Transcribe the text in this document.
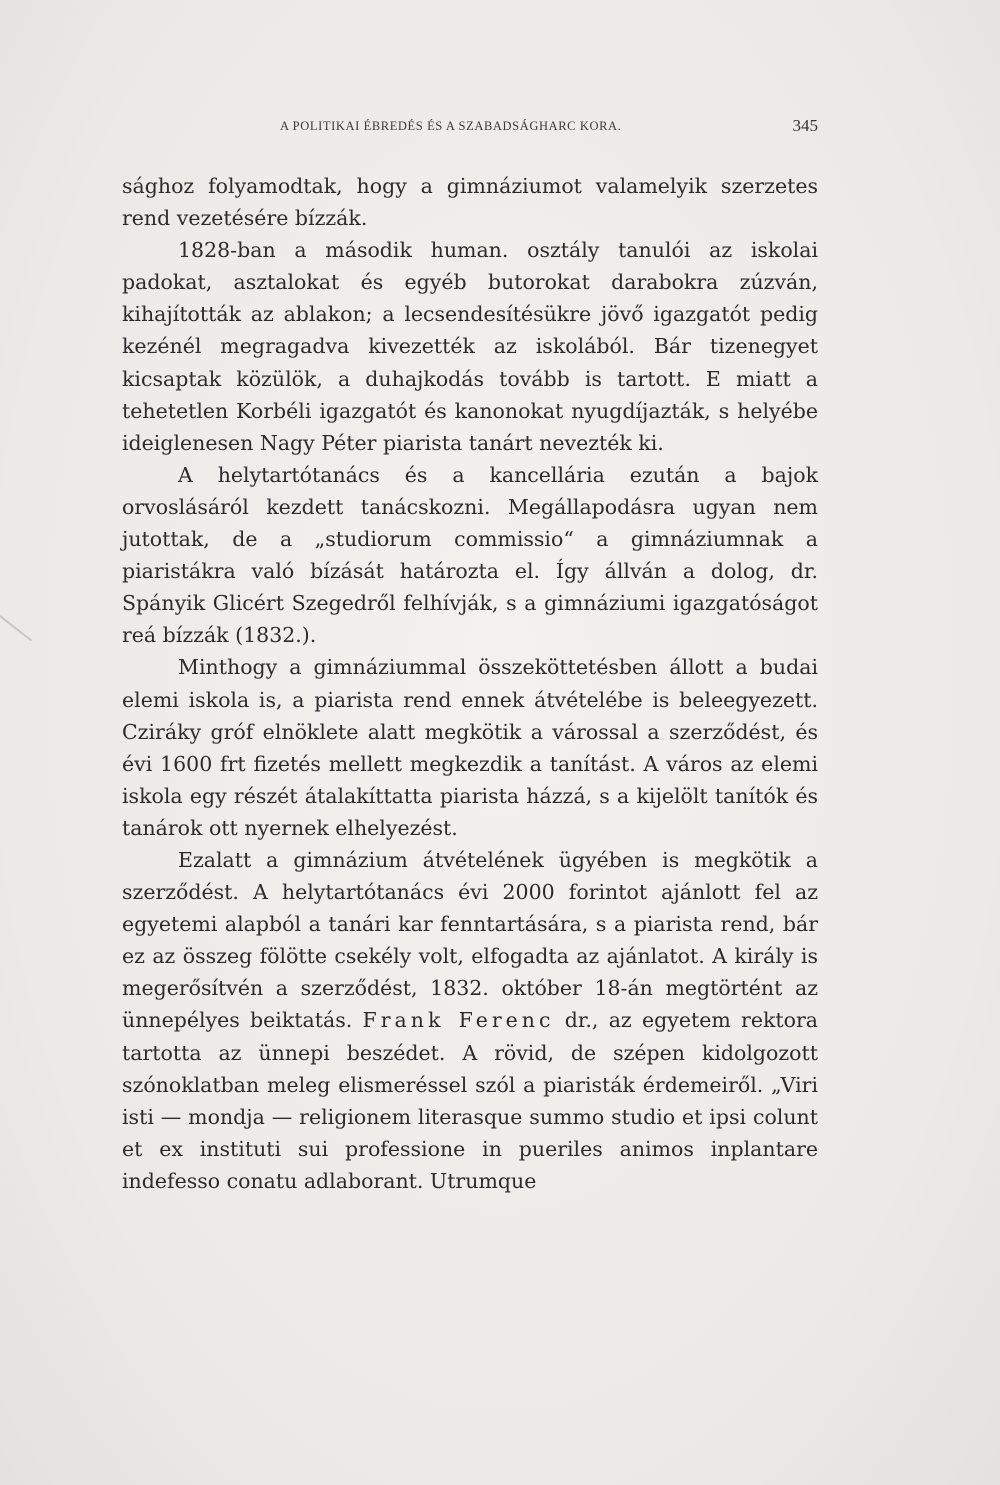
A POLITIKAI ÉBREDÉS ÉS A SZABADSÁGHARC KORA.	345

sághoz folyamodtak, hogy a gimnáziumot valamelyik szerzetes rend vezetésére bízzák.

1828-ban a második human. osztály tanulói az iskolai padokat, asztalokat és egyéb butorokat darabokra zúzván, kihajították az ablakon; a lecsendesítésükre jövő igazgatót pedig kezénél megragadva kivezették az iskolából. Bár tizenegyet kicsaptak közülök, a duhajkodás tovább is tartott. E miatt a tehetetlen Korbéli igazgatót és kanonokat nyugdíjazták, s helyébe ideiglenesen Nagy Péter piarista tanárt nevezték ki.

A helytartótanács és a kancellária ezután a bajok orvoslásáról kezdett tanácskozni. Megállapodásra ugyan nem jutottak, de a „studiorum commissio“ a gimnáziumnak a piaristákra való bízását határozta el. Így állván a dolog, dr. Spányik Glicért Szegedről felhívják, s a gimnáziumi igazgatóságot reá bízzák (1832.).

Minthogy a gimnáziummal összeköttetésben állott a budai elemi iskola is, a piarista rend ennek átvételébe is beleegyezett. Cziráky gróf elnöklete alatt megkötik a várossal a szerződést, és évi 1600 frt fizetés mellett megkezdik a tanítást. A város az elemi iskola egy részét átalakíttatta piarista házzá, s a kijelölt tanítók és tanárok ott nyernek elhelyezést.

Ezalatt a gimnázium átvételének ügyében is megkötik a szerződést. A helytartótanács évi 2000 forintot ajánlott fel az egyetemi alapból a tanári kar fenntartására, s a piarista rend, bár ez az összeg fölötte csekély volt, elfogadta az ajánlatot. A király is megerősítvén a szerződést, 1832. október 18-án megtörtént az ünnepélyes beiktatás. Frank Ferenc dr., az egyetem rektora tartotta az ünnepi beszédet. A rövid, de szépen kidolgozott szónoklatban meleg elismeréssel szól a piaristák érdemeiről. „Viri isti — mondja — religionem literasque summo studio et ipsi colunt et ex instituti sui professione in pueriles animos inplantare indefesso conatu adlaborant. Utrumque
